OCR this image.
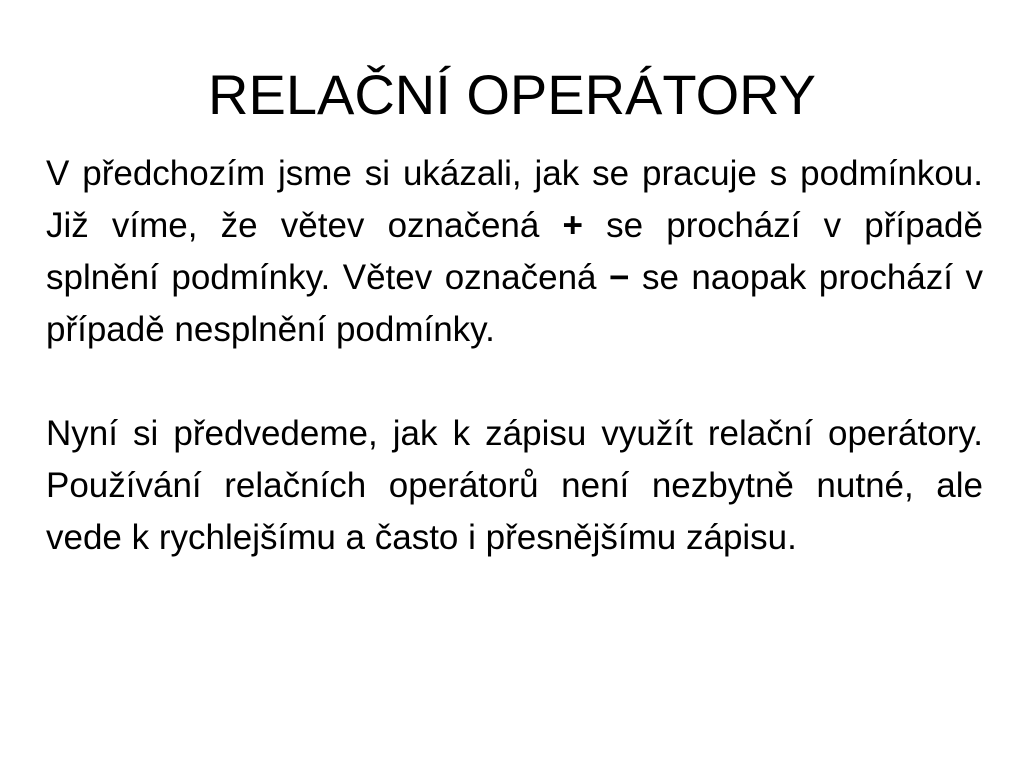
RELAČNÍ OPERÁTORY

V předchozím jsme si ukázali, jak se pracuje s podmínkou. Již víme, že větev označená + se prochází v případě splnění podmínky. Větev označená − se naopak prochází v případě nesplnění podmínky.

Nyní si předvedeme, jak k zápisu využít relační operátory. Používání relačních operátorů není nezbytně nutné, ale vede k rychlejšímu a často i přesnějšímu zápisu.
